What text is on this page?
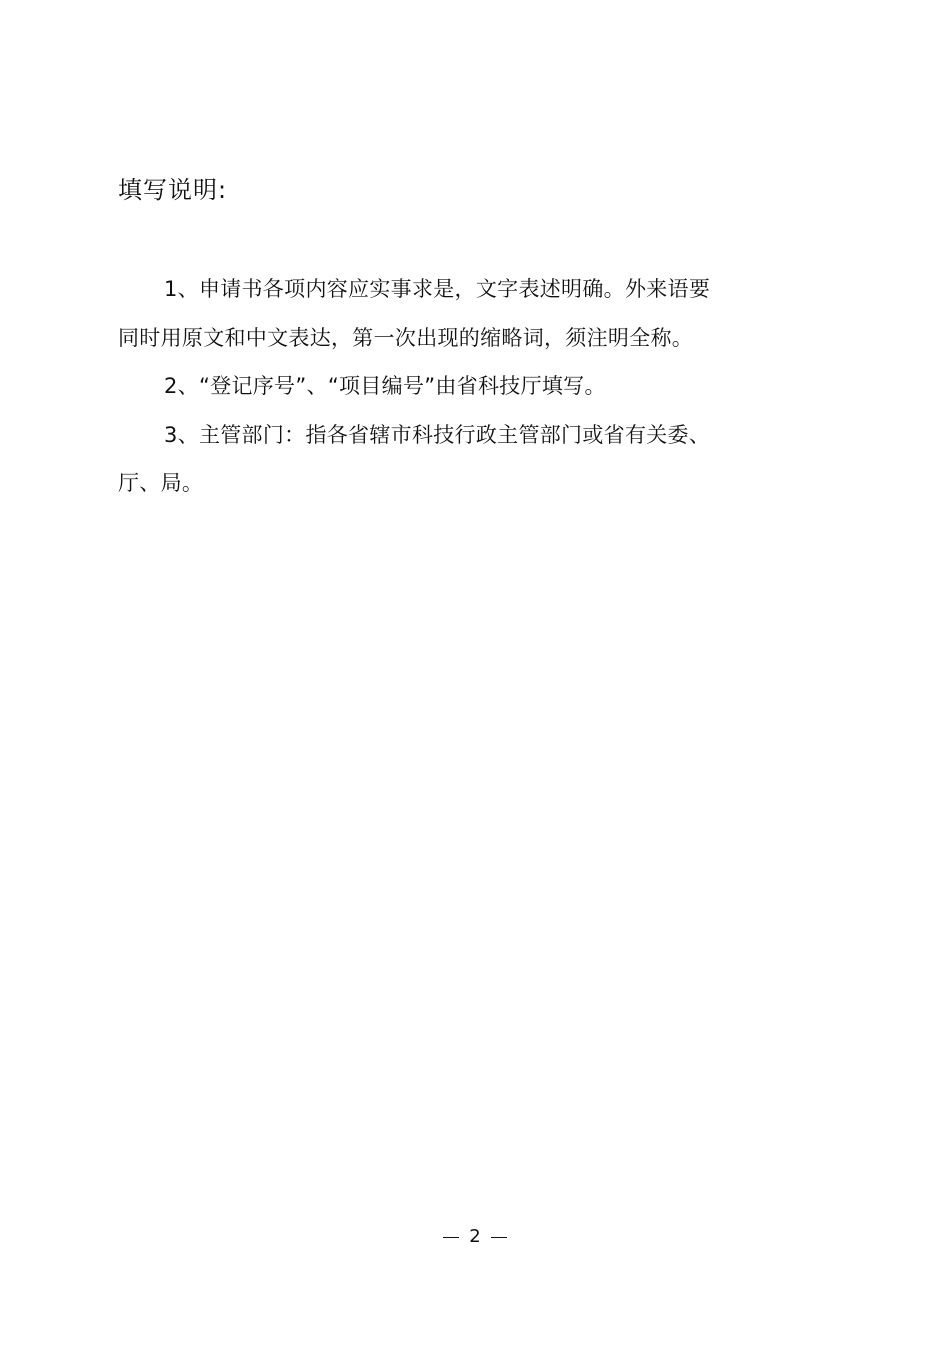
填写说明:
1、申请书各项内容应实事求是，文字表述明确。外来语要
同时用原文和中文表达，第一次出现的缩略词，须注明全称。
2、“登记序号”、“项目编号”由省科技厅填写。
3、主管部门：指各省辖市科技行政主管部门或省有关委、
厅、局。
2
